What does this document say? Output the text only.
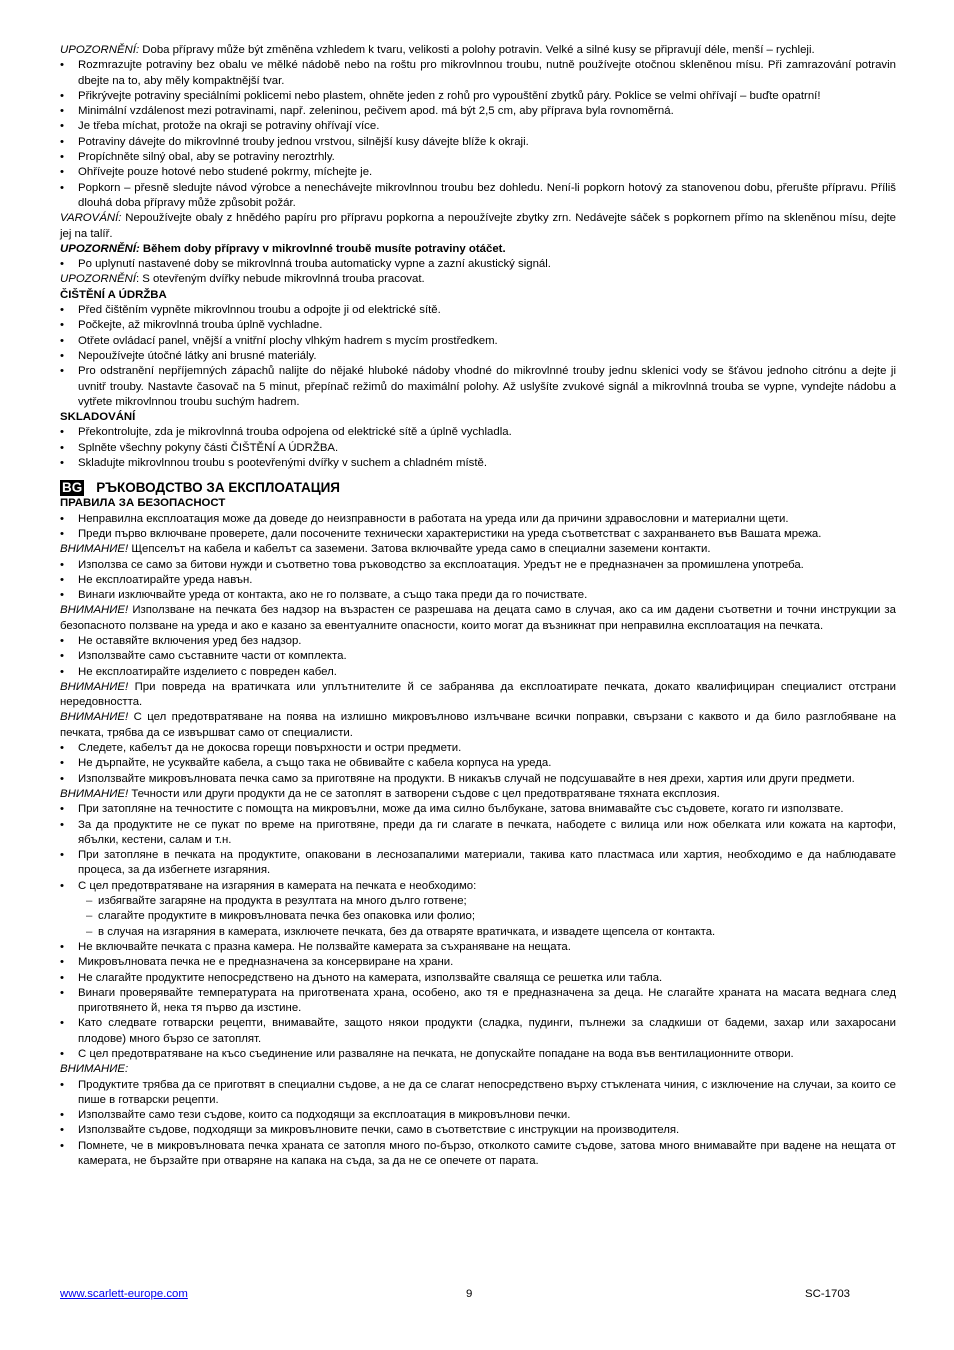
UPOZORNĚNÍ: Doba přípravy může být změněna vzhledem k tvaru, velikosti a polohy potravin. Velké a silné kusy se připravují déle, menší – rychleji.

• Rozmrazujte potraviny bez obalu ve mělké nádobě nebo na roštu pro mikrovlnnou troubu, nutně používejte otočnou skleněnou mísu. Při zamrazování potravin dbejte na to, aby měly kompaktnější tvar.
• Přikrývejte potraviny speciálními poklicemi nebo plastem, ohněte jeden z rohů pro vypouštění zbytků páry. Poklice se velmi ohřívají – buďte opatrní!
• Minimální vzdálenost mezi potravinami, např. zeleninou, pečivem apod. má být 2,5 cm, aby příprava byla rovnoměrná.
• Je třeba míchat, protože na okraji se potraviny ohřívají více.
• Potraviny dávejte do mikrovlnné trouby jednou vrstvou, silnější kusy dávejte blíže k okraji.
• Propíchněte silný obal, aby se potraviny neroztrhly.
• Ohřívejte pouze hotové nebo studené pokrmy, míchejte je.
• Popkorn – přesně sledujte návod výrobce a nenechávejte mikrovlnnou troubu bez dohledu. Není-li popkorn hotový za stanovenou dobu, přerušte přípravu. Příliš dlouhá doba přípravy může způsobit požár.

VAROVÁNÍ: Nepoužívejte obaly z hnědého papíru pro přípravu popkorna a nepoužívejte zbytky zrn. Nedávejte sáček s popkornem přímo na skleněnou mísu, dejte jej na talíř.

UPOZORNĚNÍ: Během doby přípravy v mikrovlnné troubě musíte potraviny otáčet.

• Po uplynutí nastavené doby se mikrovlnná trouba automaticky vypne a zazní akustický signál.

UPOZORNĚNÍ: S otevřeným dvířky nebude mikrovlnná trouba pracovat.

ČIŠTĚNÍ A ÚDRŽBA

• Před čištěním vypněte mikrovlnnou troubu a odpojte ji od elektrické sítě.
• Počkejte, až mikrovlnná trouba úplně vychladne.
• Otřete ovládací panel, vnější a vnitřní plochy vlhkým hadrem s mycím prostředkem.
• Nepoužívejte útočné látky ani brusné materiály.
• Pro odstranění nepříjemných zápachů nalijte do nějaké hluboké nádoby vhodné do mikrovlnné trouby jednu sklenici vody se šťávou jednoho citrónu a dejte ji uvnitř trouby. Nastavte časovač na 5 minut, přepínač režimů do maximální polohy. Až uslyšíte zvukové signál a mikrovlnná trouba se vypne, vyndejte nádobu a vytřete mikrovlnnou troubu suchým hadrem.

SKLADOVÁNÍ

• Překontrolujte, zda je mikrovlnná trouba odpojena od elektrické sítě a úplně vychladla.
• Splněte všechny pokyny části ČIŠTĚNÍ A ÚDRŽBA.
• Skladujte mikrovlnnou troubu s pootevřenými dvířky v suchem a chladném místě.
BG РЪКОВОДСТВО ЗА ЕКСПЛОАТАЦИЯ

ПРАВИЛА ЗА БЕЗОПАСНОСТ

• Неправилна експлоатация може да доведе до неизправности в работата на уреда или да причини здравословни и материални щети.
• Преди първо включване проверете, дали посочените технически характеристики на уреда съответстват с захранването във Вашата мрежа.

ВНИМАНИЕ! Щепселът на кабела и кабелът са заземени. Затова включвайте уреда само в специални заземени контакти.

• Използва се само за битови нужди и съответно това ръководство за експлоатация. Уредът не е предназначен за промишлена употреба.
• Не експлоатирайте уреда навън.
• Винаги изключвайте уреда от контакта, ако не го ползвате, а също така преди да го почиствате.

ВНИМАНИЕ! Използване на печката без надзор на възрастен се разрешава на децата само в случая, ако са им дадени съответни и точни инструкции за безопасното ползване на уреда и ако е казано за евентуалните опасности, които могат да възникнат при неправилна експлоатация на печката.

• Не оставяйте включения уред без надзор.
• Използвайте само съставните части от комплекта.
• Не експлоатирайте изделието с повреден кабел.

ВНИМАНИЕ! При повреда на вратичката или уплътнителите й се забранява да експлоатирате печката, докато квалифициран специалист отстрани нередовността.

ВНИМАНИЕ! С цел предотвратяване на поява на излишно микровълново излъчване всички поправки, свързани с каквото и да било разглобяване на печката, трябва да се извършват само от специалисти.

• Следете, кабелът да не докосва горещи повърхности и остри предмети.
• Не дърпайте, не усуквайте кабела, а също така не обвивайте с кабела корпуса на уреда.
• Използвайте микровълновата печка само за приготвяне на продукти. В никакъв случай не подсушавайте в нея дрехи, хартия или други предмети.

ВНИМАНИЕ! Течности или други продукти да не се затоплят в затворени съдове с цел предотвратяване тяхната експлозия.

• При затопляне на течностите с помощта на микровълни, може да има силно бълбукане, затова внимавайте със съдовете, когато ги използвате.
• За да продуктите не се пукат по време на приготвяне, преди да ги слагате в печката, набодете с вилица или нож обелката или кожата на картофи, ябълки, кестени, салам и т.н.
• При затопляне в печката на продуктите, опаковани в леснозапалими материали, такива като пластмаса или хартия, необходимо е да наблюдавате процеса, за да избегнете изгаряния.
• С цел предотвратяване на изгаряния в камерата на печката е необходимо:
– избягвайте загаряне на продукта в резултата на много дълго готвене;
– слагайте продуктите в микровълновата печка без опаковка или фолио;
– в случая на изгаряния в камерата, изключете печката, без да отваряте вратичката, и извадете щепсела от контакта.
• Не включвайте печката с празна камера. Не ползвайте камерата за съхраняване на нещата.
• Микровълновата печка не е предназначена за консервиране на храни.
• Не слагайте продуктите непосредствено на дъното на камерата, използвайте сваляща се решетка или табла.
• Винаги проверявайте температурата на приготвената храна, особено, ако тя е предназначена за деца. Не слагайте храната на масата веднага след приготвянето й, нека тя първо да изстине.
• Като следвате готварски рецепти, внимавайте, защото някои продукти (сладка, пудинги, пълнежи за сладкиши от бадеми, захар или захаросани плодове) много бързо се затоплят.
• С цел предотвратяване на късо съединение или разваляне на печката, не допускайте попадане на вода във вентилационните отвори.

ВНИМАНИЕ:

• Продуктите трябва да се приготвят в специални съдове, а не да се слагат непосредствено върху стъклената чиния, с изключение на случаи, за които се пише в готварски рецепти.
• Използвайте само тези съдове, които са подходящи за експлоатация в микровълнови печки.
• Използвайте съдове, подходящи за микровълновите печки, само в съответствие с инструкции на производителя.
• Помнете, че в микровълновата печка храната се затопля много по-бързо, отколкото самите съдове, затова много внимавайте при вадене на нещата от камерата, не бързайте при отваряне на капака на съда, за да не се опечете от парата.
www.scarlett-europe.com	9	SC-1703
